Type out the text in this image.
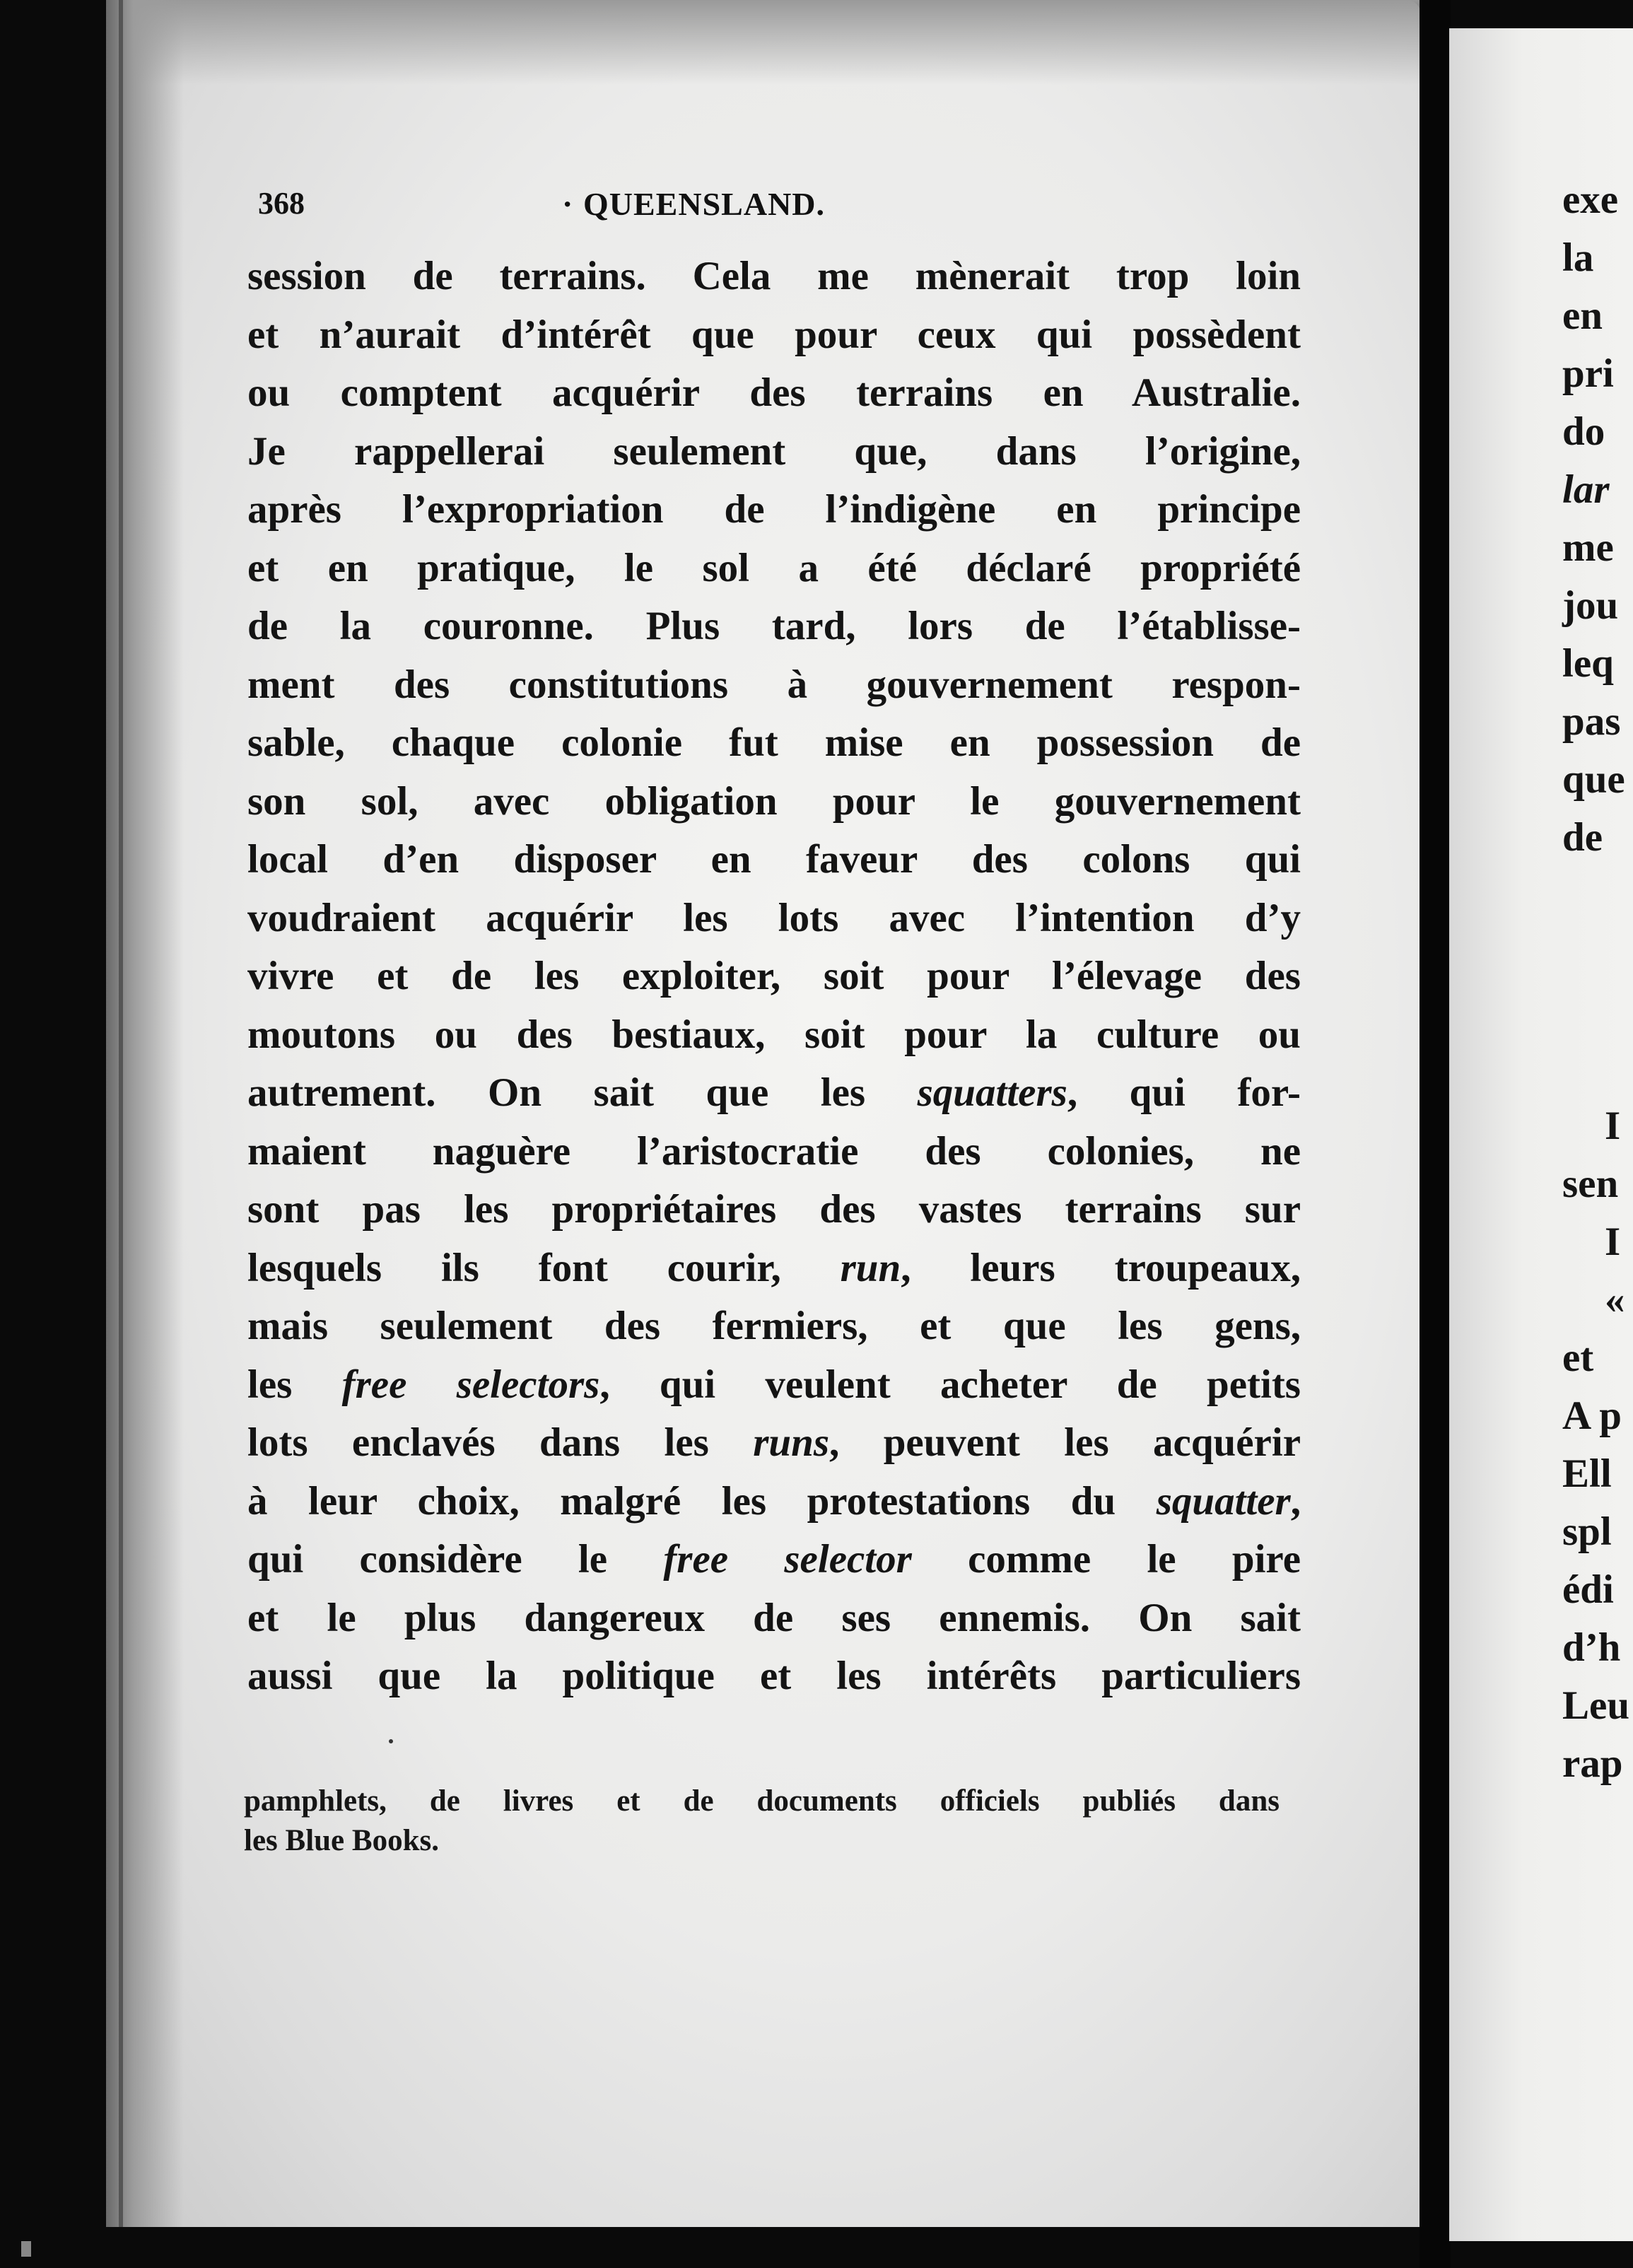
368	· QUEENSLAND.
session de terrains. Cela me mènerait trop loin
et n’aurait d’intérêt que pour ceux qui possèdent
ou comptent acquérir des terrains en Australie.
Je rappellerai seulement que, dans l’origine,
après l’expropriation de l’indigène en principe
et en pratique, le sol a été déclaré propriété
de la couronne. Plus tard, lors de l’établisse-
ment des constitutions à gouvernement respon-
sable, chaque colonie fut mise en possession de
son sol, avec obligation pour le gouvernement
local d’en disposer en faveur des colons qui
voudraient acquérir les lots avec l’intention d’y
vivre et de les exploiter, soit pour l’élevage des
moutons ou des bestiaux, soit pour la culture ou
autrement. On sait que les squatters, qui for-
maient naguère l’aristocratie des colonies, ne
sont pas les propriétaires des vastes terrains sur
lesquels ils font courir, run, leurs troupeaux,
mais seulement des fermiers, et que les gens,
les free selectors, qui veulent acheter de petits
lots enclavés dans les runs, peuvent les acquérir
à leur choix, malgré les protestations du squatter,
qui considère le free selector comme le pire
et le plus dangereux de ses ennemis. On sait
aussi que la politique et les intérêts particuliers
pamphlets, de livres et de documents officiels publiés dans
les Blue Books.
exe
la
en
pri
do
lar
me
jou
leq
pas
que
de
I
sen
I
«
et
A p
Ell
spl
édi
d’h
Leu
rap
